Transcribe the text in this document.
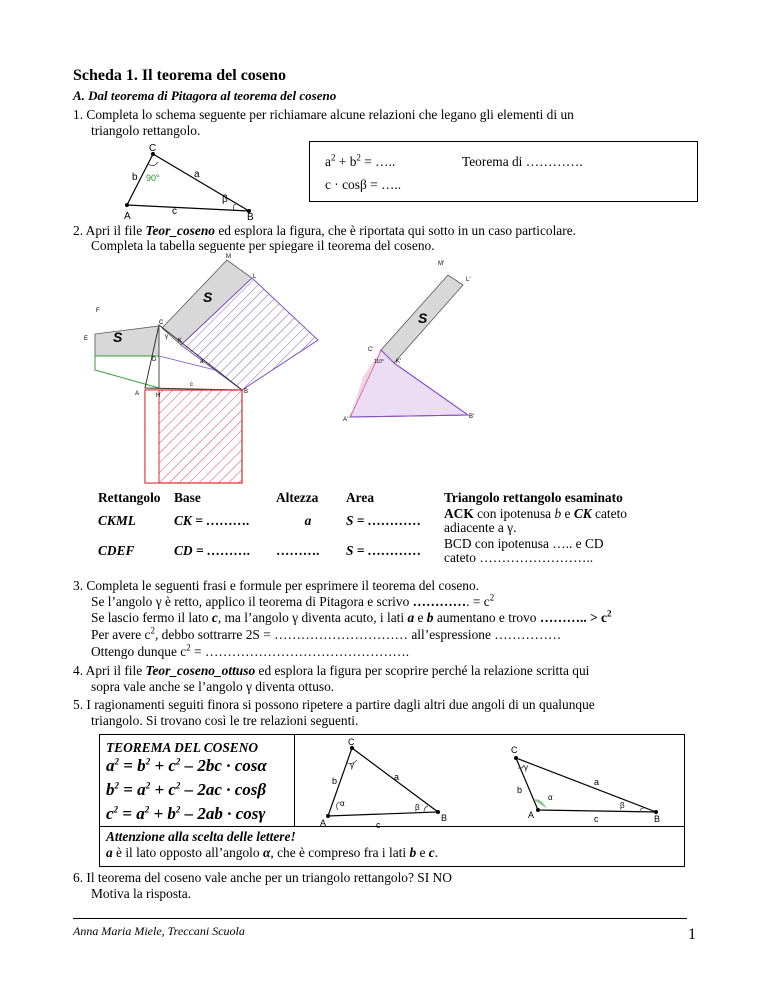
Scheda 1. Il teorema del coseno
A. Dal teorema di Pitagora al teorema del coseno
1. Completa lo schema seguente per richiamare alcune relazioni che legano gli elementi di un
triangolo rettangolo.
C
A	B
a
b
c
90°
β
$a^2 + b^2$ = …..	Teorema di ………….
c · cosβ = …..
2. Apri il file Teor_coseno ed esplora la figura, che è riportata qui sotto in un caso particolare.
Completa la tabella seguente per spiegare il teorema del coseno.
S
S
M
L
F
E
C
K
D
A	H
B
a
c
γ
S
M'
L'
C'
K'
A'	B'
110°
Rettangolo	Base	Altezza	Area	Triangolo rettangolo esaminato
CKML	CK = ……….	a	S = …………	ACK con ipotenusa b e CK cateto
adiacente a γ.
CDEF	CD = ……….	……….	S = …………	BCD con ipotenusa ….. e CD
cateto ……………………..
3. Completa le seguenti frasi e formule per esprimere il teorema del coseno.
Se l’angolo γ è retto, applico il teorema di Pitagora e scrivo …………. = $c^2$
Se lascio fermo il lato c, ma l’angolo γ diventa acuto, i lati a e b aumentano e trovo ……….. > $c^2$
Per avere $c^2$, debbo sottrarre 2S = ………………………… all’espressione ……………
Ottengo dunque $c^2$ = ……………………………………….
4. Apri il file Teor_coseno_ottuso ed esplora la figura per scoprire perché la relazione scritta qui
sopra vale anche se l’angolo γ diventa ottuso.
5. I ragionamenti seguiti finora si possono ripetere a partire dagli altri due angoli di un qualunque
triangolo. Si trovano così le tre relazioni seguenti.
TEOREMA DEL COSENO
$a^2 = b^2 + c^2 - 2bc \cdot \cos\alpha$
$b^2 = a^2 + c^2 - 2ac \cdot \cos\beta$
$c^2 = a^2 + b^2 - 2ab \cdot \cos\gamma$
Attenzione alla scelta delle lettere!
a è il lato opposto all’angolo α, che è compreso fra i lati b e c.
C
A	B
a
b
c
α	β
γ
C
A	B
a
b
c
α
β
γ
6. Il teorema del coseno vale anche per un triangolo rettangolo? SI NO
Motiva la risposta.
Anna Maria Miele, Treccani Scuola	1
